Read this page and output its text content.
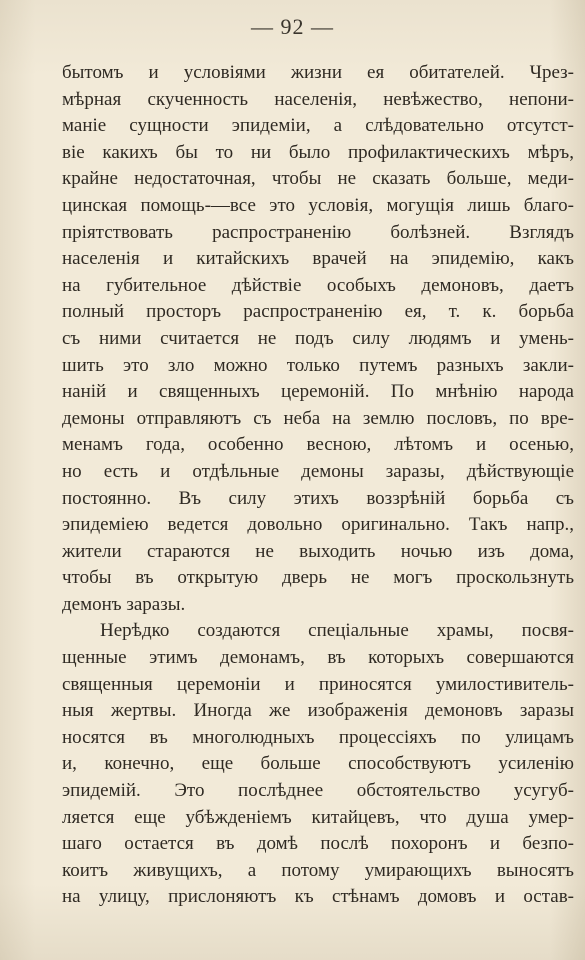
— 92 —
бытомъ и условіями жизни ея обитателей. Чрез-
мѣрная скученность населенія, невѣжество, непони-
маніе сущности эпидеміи, а слѣдовательно отсутст-
віе какихъ бы то ни было профилактическихъ мѣръ,
крайне недостаточная, чтобы не сказать больше, меди-
цинская помощь-—все это условія, могущія лишь благо-
пріятствовать распространенію болѣзней. Взглядъ
населенія и китайскихъ врачей на эпидемію, какъ
на губительное дѣйствіе особыхъ демоновъ, даетъ
полный просторъ распространенію ея, т. к. борьба
съ ними считается не подъ силу людямъ и умень-
шить это зло можно только путемъ разныхъ закли-
наній и священныхъ церемоній. По мнѣнію народа
демоны отправляютъ съ неба на землю пословъ, по вре-
менамъ года, особенно весною, лѣтомъ и осенью,
но есть и отдѣльные демоны заразы, дѣйствующіе
постоянно. Въ силу этихъ воззрѣній борьба съ
эпидеміею ведется довольно оригинально. Такъ напр.,
жители стараются не выходить ночью изъ дома,
чтобы въ открытую дверь не могъ проскользнуть
демонъ заразы.
Нерѣдко создаются спеціальные храмы, посвя-
щенные этимъ демонамъ, въ которыхъ совершаются
священныя церемоніи и приносятся умилостивитель-
ныя жертвы. Иногда же изображенія демоновъ заразы
носятся въ многолюдныхъ процессіяхъ по улицамъ
и, конечно, еще больше способствуютъ усиленію
эпидемій. Это послѣднее обстоятельство усугуб-
ляется еще убѣжденіемъ китайцевъ, что душа умер-
шаго остается въ домѣ послѣ похоронъ и безпо-
коитъ живущихъ, а потому умирающихъ выносятъ
на улицу, прислоняютъ къ стѣнамъ домовъ и остав-
